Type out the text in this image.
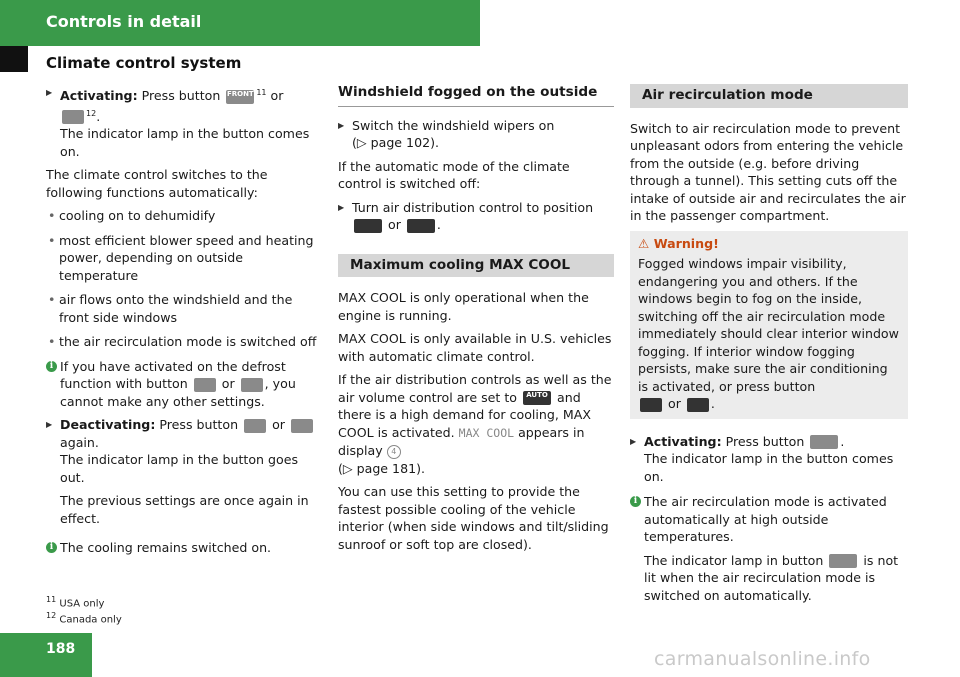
Controls in detail
Climate control system
▶ Activating: Press button FRONT $^{11}$ or
$^{12}$.
The indicator lamp in the button comes on.
The climate control switches to the following functions automatically:
• cooling on to dehumidify
• most efficient blower speed and heating power, depending on outside temperature
• air flows onto the windshield and the front side windows
• the air recirculation mode is switched off
i If you have activated on the defrost function with button	or , you cannot make any other settings.
▶ Deactivating: Press button	or
again.
The indicator lamp in the button goes out.
The previous settings are once again in effect.
i The cooling remains switched on.
Windshield fogged on the outside
▶ Switch the windshield wipers on
(▷ page 102).
If the automatic mode of the climate control is switched off:
▶ Turn air distribution control to position
or	.
Maximum cooling MAX COOL
MAX COOL is only operational when the engine is running.
MAX COOL is only available in U.S. vehicles with automatic climate control.
If the air distribution controls as well as the air volume control are set to	AUTO and there is a high demand for cooling, MAX COOL is activated. MAX COOL appears in display 4
(▷ page 181).
You can use this setting to provide the fastest possible cooling of the vehicle interior (when side windows and tilt/sliding sunroof or soft top are closed).
Air recirculation mode
Switch to air recirculation mode to prevent unpleasant odors from entering the vehicle from the outside (e.g. before driving through a tunnel). This setting cuts off the intake of outside air and recirculates the air in the passenger compartment.
⚠ Warning!
Fogged windows impair visibility, endangering you and others. If the windows begin to fog on the inside, switching off the air recirculation mode immediately should clear interior window fogging. If interior window fogging persists, make sure the air conditioning is activated, or press button
or .
▶ Activating: Press button	.
The indicator lamp in the button comes on.
i The air recirculation mode is activated automatically at high outside temperatures.
The indicator lamp in button	is not lit when the air recirculation mode is switched on automatically.
$^{11}$ USA only
$^{12}$ Canada only
188	carmanualsonline.info
